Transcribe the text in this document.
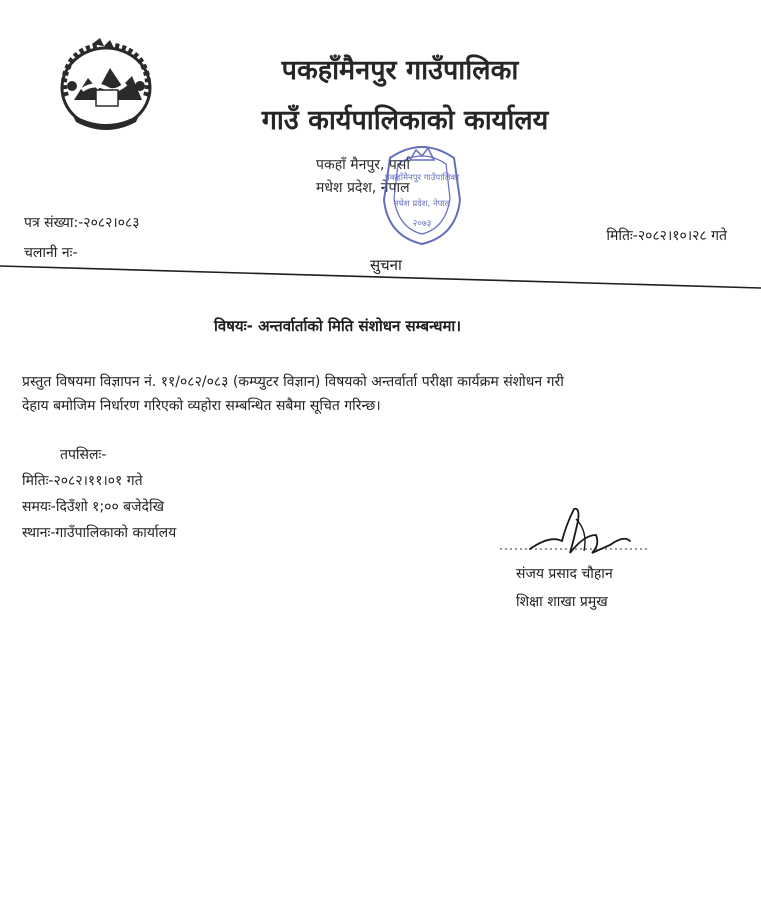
पकहाँमैनपुर गाउँपालिका
गाउँ कार्यपालिकाको कार्यालय
पकहाँ मैनपुर, पर्सा
मधेश प्रदेश, नेपाल
पकहाँमैनपुर गाउँपालिका
मधेश प्रदेश, नेपाल
२०७३
पत्र संख्या:-२०८२।०८३
चलानी नः-
मितिः-२०८२।१०।२८ गते
सुचना
विषयः- अन्तर्वार्ताको मिति संशोधन सम्बन्धमा।
प्रस्तुत विषयमा विज्ञापन नं. ११/०८२/०८३ (कम्प्युटर विज्ञान) विषयको अन्तर्वार्ता परीक्षा कार्यक्रम संशोधन गरी
देहाय बमोजिम निर्धारण गरिएको व्यहोरा सम्बन्धित सबैमा सूचित गरिन्छ।
तपसिलः-
मितिः-२०८२।११।०१ गते
समयः-दिउँशो १;०० बजेदेखि
स्थानः-गाउँपालिकाको कार्यालय
संजय प्रसाद चौहान
शिक्षा शाखा प्रमुख
